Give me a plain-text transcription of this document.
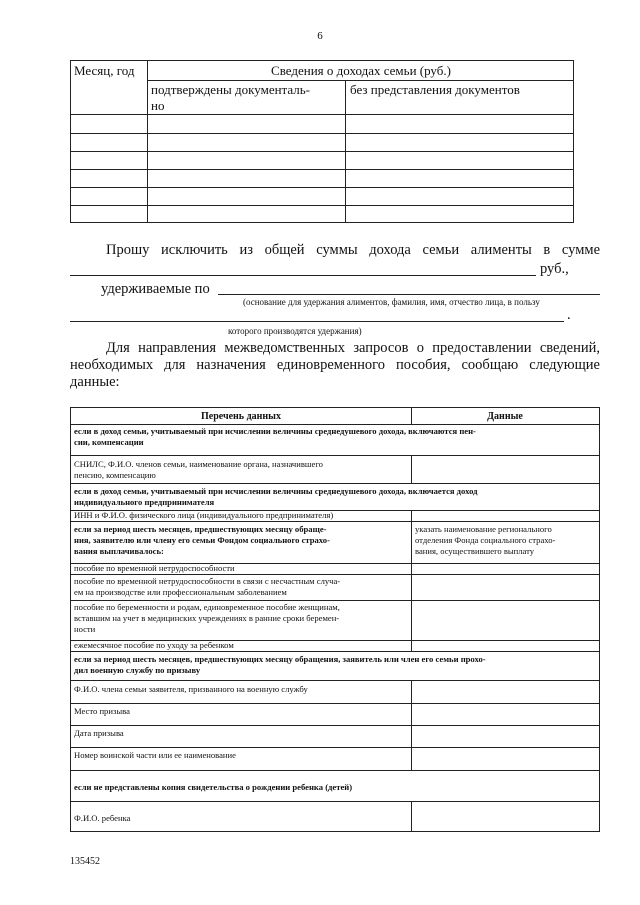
6
Месяц, год	Сведения о доходах семьи (руб.)
подтверждены документаль-
но
без представления документов
Прошу исключить из общей суммы дохода семьи алименты в сумме
руб.,
удерживаемые по
(основание для удержания алиментов, фамилия, имя, отчество лица, в пользу
.
которого производятся удержания)
Для направления межведомственных запросов о предоставлении сведений,
необходимых для назначения единовременного пособия, сообщаю следующие
данные:
Перечень данных	Данные
если в доход семьи, учитываемый при исчислении величины среднедушевого дохода, включаются пен-
сии, компенсации
СНИЛС, Ф.И.О. членов семьи, наименование органа, назначившего
пенсию, компенсацию
если в доход семьи, учитываемый при исчислении величины среднедушевого дохода, включается доход
индивидуального предпринимателя
ИНН и Ф.И.О. физического лица (индивидуального предпринимателя)
если за период шесть месяцев, предшествующих месяцу обраще-
ния, заявителю или члену его семьи Фондом социального страхо-
вания выплачивалось:
указать наименование регионального
отделения Фонда социального страхо-
вания, осуществившего выплату
пособие по временной нетрудоспособности
пособие по временной нетрудоспособности в связи с несчастным случа-
ем на производстве или профессиональным заболеванием
пособие по беременности и родам, единовременное пособие женщинам,
вставшим на учет в медицинских учреждениях в ранние сроки беремен-
ности
ежемесячное пособие по уходу за ребенком
если за период шесть месяцев, предшествующих месяцу обращения, заявитель или член его семьи прохо-
дил военную службу по призыву
Ф.И.О. члена семьи заявителя, призванного на военную службу
Место призыва
Дата призыва
Номер воинской части или ее наименование
если не представлены копия свидетельства о рождении ребенка (детей)
Ф.И.О. ребенка
135452
